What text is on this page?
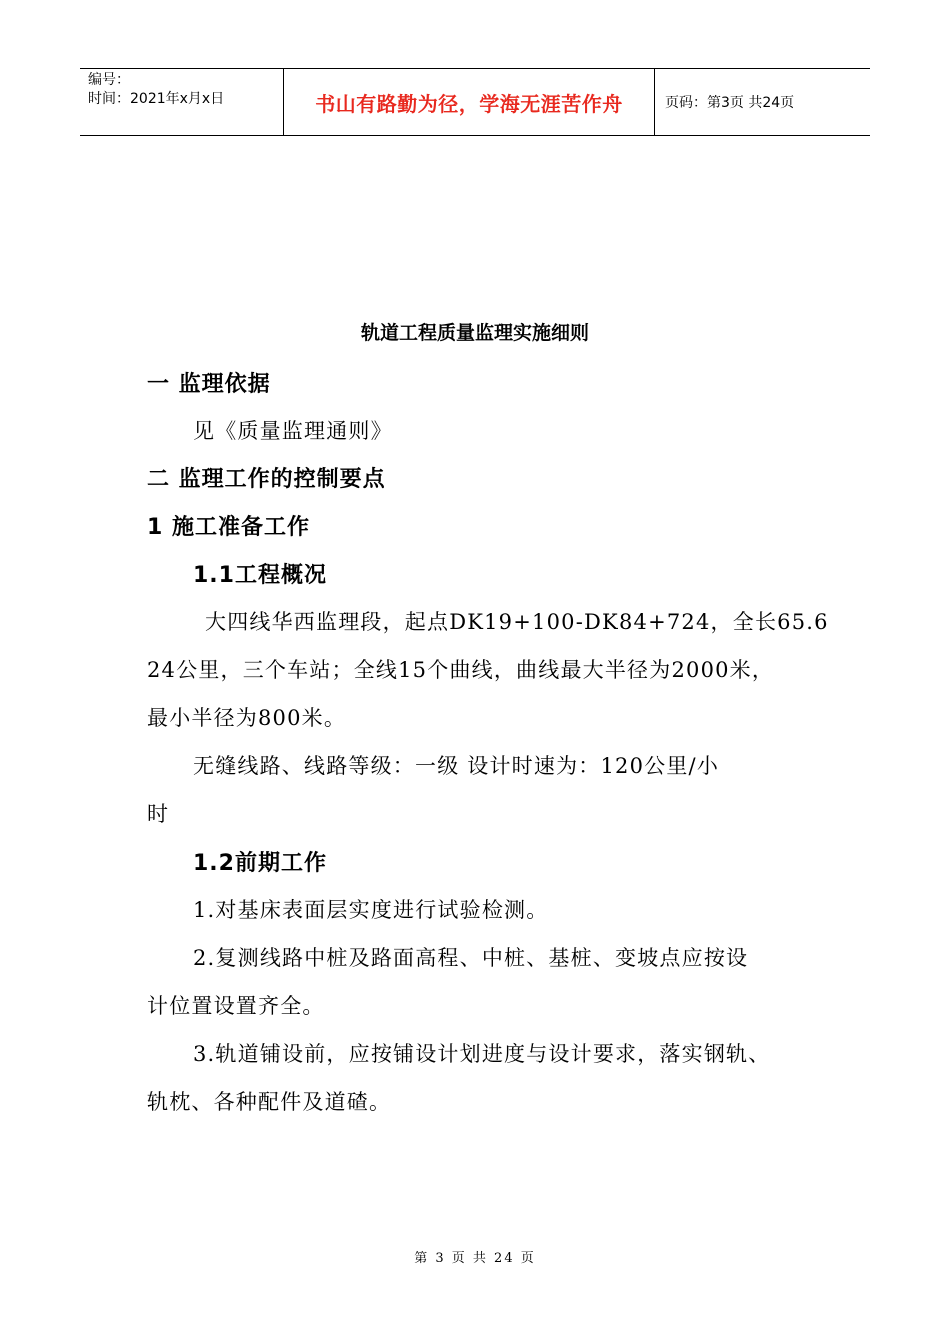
编号：
时间：2021年x月x日	书山有路勤为径，学海无涯苦作舟	页码：第3页 共24页
轨道工程质量监理实施细则
一 监理依据
见《质量监理通则》
二 监理工作的控制要点
1 施工准备工作
1.1工程概况
大四线华西监理段，起点DK19+100-DK84+724，全长65.6
24公里，三个车站；全线15个曲线，曲线最大半径为2000米，
最小半径为800米。
无缝线路、线路等级：一级 设计时速为：120公里/小
时
1.2前期工作
1.对基床表面层实度进行试验检测。
2.复测线路中桩及路面高程、中桩、基桩、变坡点应按设
计位置设置齐全。
3.轨道铺设前，应按铺设计划进度与设计要求，落实钢轨、
轨枕、各种配件及道碴。
第 3 页 共 24 页
